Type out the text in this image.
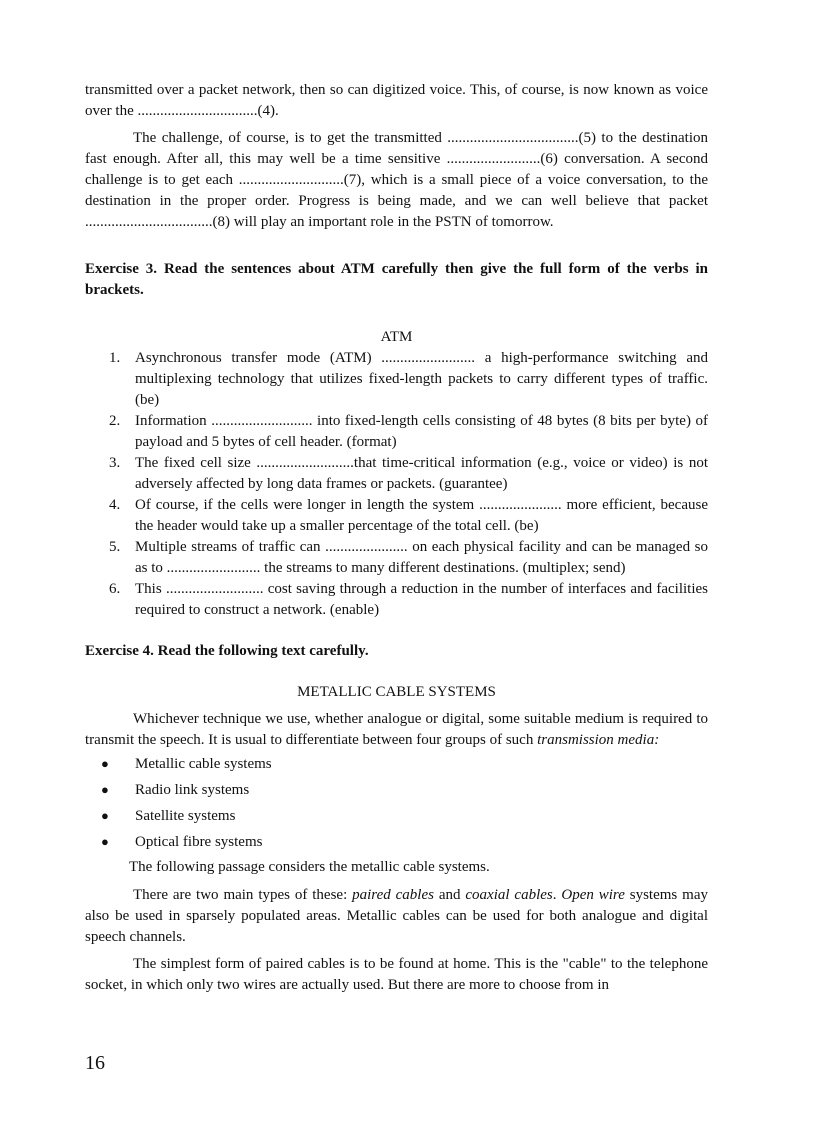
transmitted over a packet network, then so can digitized voice. This, of course, is now known as voice over the ................................(4).

The challenge, of course, is to get the transmitted ...................................(5) to the destination fast enough. After all, this may well be a time sensitive .........................(6) conversation. A second challenge is to get each ............................(7), which is a small piece of a voice conversation, to the destination in the proper order. Progress is being made, and we can well believe that packet ..................................(8) will play an important role in the PSTN of tomorrow.

Exercise 3. Read the sentences about ATM carefully then give the full form of the verbs in brackets.
ATM
1. Asynchronous transfer mode (ATM) ......................... a high-performance switching and multiplexing technology that utilizes fixed-length packets to carry different types of traffic. (be)
2. Information ........................... into fixed-length cells consisting of 48 bytes (8 bits per byte) of payload and 5 bytes of cell header. (format)
3. The fixed cell size ..........................that time-critical information (e.g., voice or video) is not adversely affected by long data frames or packets. (guarantee)
4. Of course, if the cells were longer in length the system ...................... more efficient, because the header would take up a smaller percentage of the total cell. (be)
5. Multiple streams of traffic can ...................... on each physical facility and can be managed so as to ......................... the streams to many different destinations. (multiplex; send)
6. This .......................... cost saving through a reduction in the number of interfaces and facilities required to construct a network. (enable)
Exercise 4. Read the following text carefully.
METALLIC CABLE SYSTEMS

Whichever technique we use, whether analogue or digital, some suitable medium is required to transmit the speech. It is usual to differentiate between four groups of such transmission media:

● Metallic cable systems
● Radio link systems
● Satellite systems
● Optical fibre systems

The following passage considers the metallic cable systems.

There are two main types of these: paired cables and coaxial cables. Open wire systems may also be used in sparsely populated areas. Metallic cables can be used for both analogue and digital speech channels.

The simplest form of paired cables is to be found at home. This is the "cable" to the telephone socket, in which only two wires are actually used. But there are more to choose from in

16
